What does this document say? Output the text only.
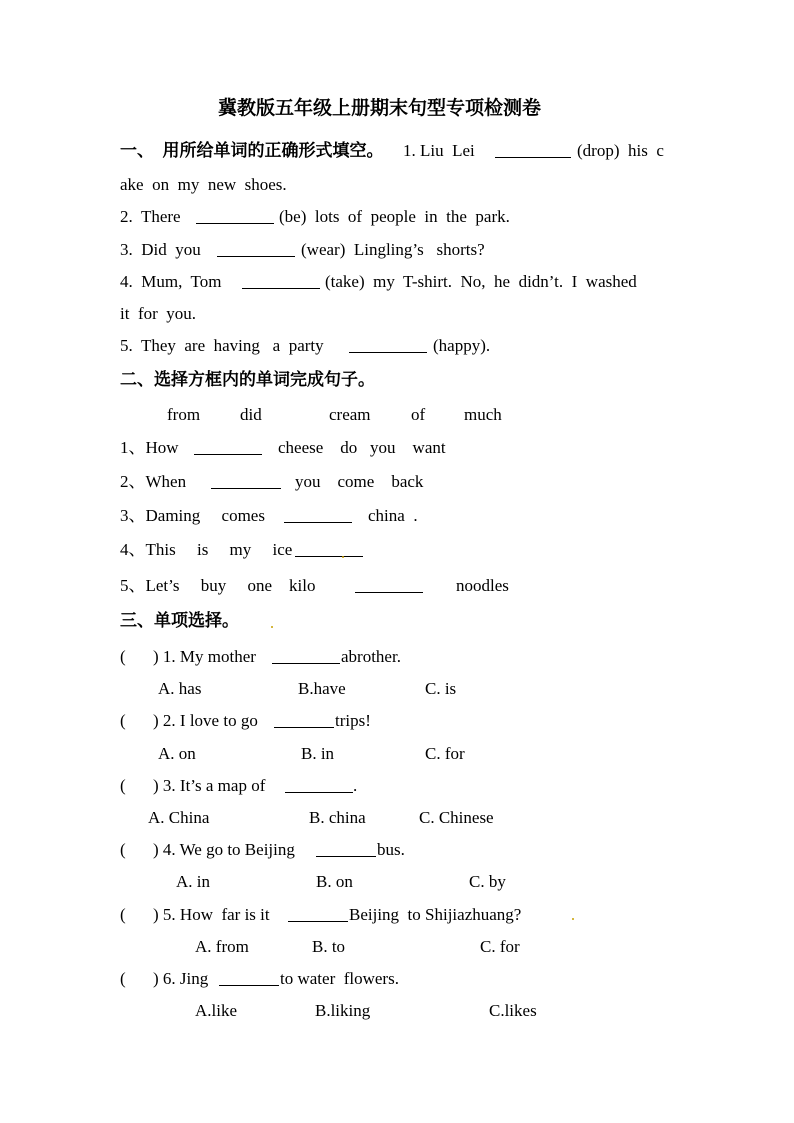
冀教版五年级上册期末句型专项检测卷
一、  用所给单词的正确形式填空。 1. Liu  Lei	(drop)  his  c
ake  on  my  new  shoes.
2.  There	(be)  lots  of  people  in  the  park.
3.  Did  you	(wear)  Lingling’s   shorts?
4.  Mum,  Tom	(take)  my  T-shirt.  No,  he  didn’t.  I  washed
it  for  you.
5.  They  are  having   a  party	(happy).
二、选择方框内的单词完成句子。
from did	cream of much
1、How	cheese    do   you    want
2、When	you    come    back
3、Daming     comes	china  .
4、This     is     my     ice
5、Let’s     buy     one    kilo	noodles
三、单项选择。
( ) 1. My mother	abrother.
A. has	B.have	C. is
( ) 2. I love to go	trips!
A. on	B. in	C. for
( ) 3. It’s a map of	.
A. China	B. china	C. Chinese
( ) 4. We go to Beijing	bus.
A. in	B. on	C. by
( ) 5. How  far is it	Beijing  to Shijiazhuang?
A. from	B. to	C. for
( ) 6. Jing	to water  flowers.
A.like	B.liking	C.likes
